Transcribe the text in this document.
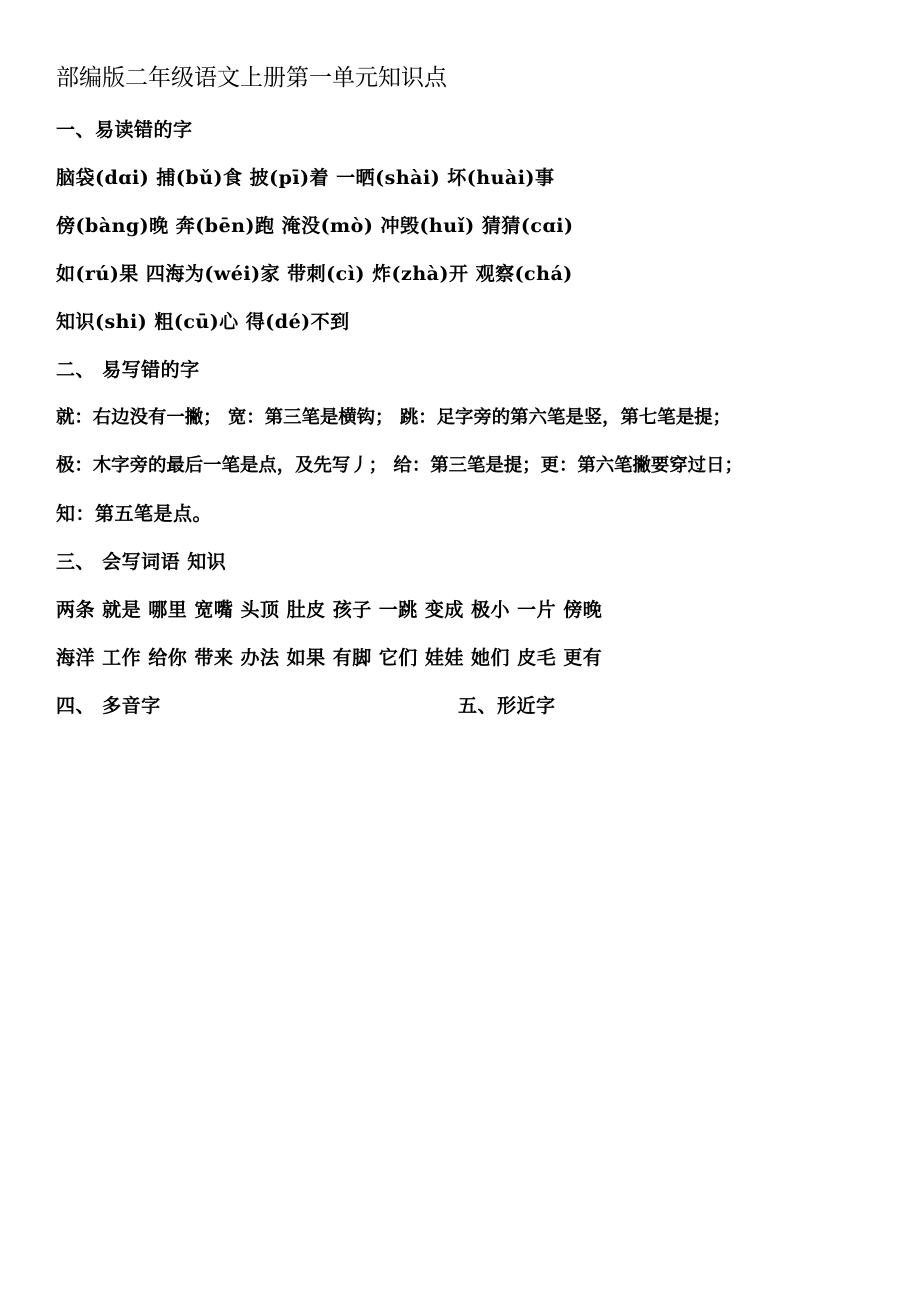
部编版二年级语文上册第一单元知识点
一、易读错的字
脑袋(dɑi) 捕(bǔ)食 披(pī)着 一晒(shài) 坏(huài)事
傍(bàng)晚 奔(bēn)跑 淹没(mò) 冲毁(huǐ) 猜猜(cɑi)
如(rú)果 四海为(wéi)家 带刺(cì) 炸(zhà)开 观察(chá)
知识(shi) 粗(cū)心 得(dé)不到
二、 易写错的字
就：右边没有一撇； 宽：第三笔是横钩； 跳：足字旁的第六笔是竖，第七笔是提；
极：木字旁的最后一笔是点，及先写丿； 给：第三笔是提；更：第六笔撇要穿过日；
知：第五笔是点。
三、 会写词语 知识
两条 就是 哪里 宽嘴 头顶 肚皮 孩子 一跳 变成 极小 一片 傍晚
海洋 工作 给你 带来 办法 如果 有脚 它们 娃娃 她们 皮毛 更有
四、 多音字	五、形近字
